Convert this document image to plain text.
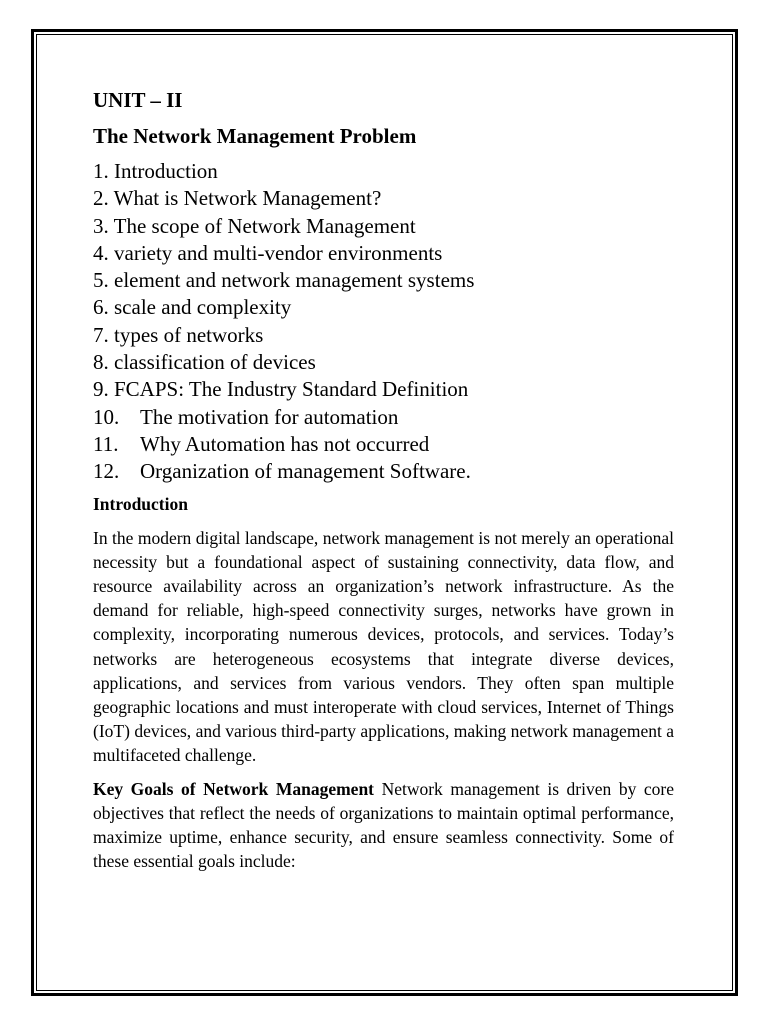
UNIT – II
The Network Management Problem
1. Introduction
2. What is Network Management?
3. The scope of Network Management
4. variety and multi-vendor environments
5. element and network management systems
6. scale and complexity
7. types of networks
8. classification of devices
9. FCAPS: The Industry Standard Definition
10. The motivation for automation
11. Why Automation has not occurred
12. Organization of management Software.
Introduction

In the modern digital landscape, network management is not merely an operational necessity but a foundational aspect of sustaining connectivity, data flow, and resource availability across an organization’s network infrastructure. As the demand for reliable, high-speed connectivity surges, networks have grown in complexity, incorporating numerous devices, protocols, and services. Today’s networks are heterogeneous ecosystems that integrate diverse devices, applications, and services from various vendors. They often span multiple geographic locations and must interoperate with cloud services, Internet of Things (IoT) devices, and various third-party applications, making network management a multifaceted challenge.

Key Goals of Network Management Network management is driven by core objectives that reflect the needs of organizations to maintain optimal performance, maximize uptime, enhance security, and ensure seamless connectivity. Some of these essential goals include:
